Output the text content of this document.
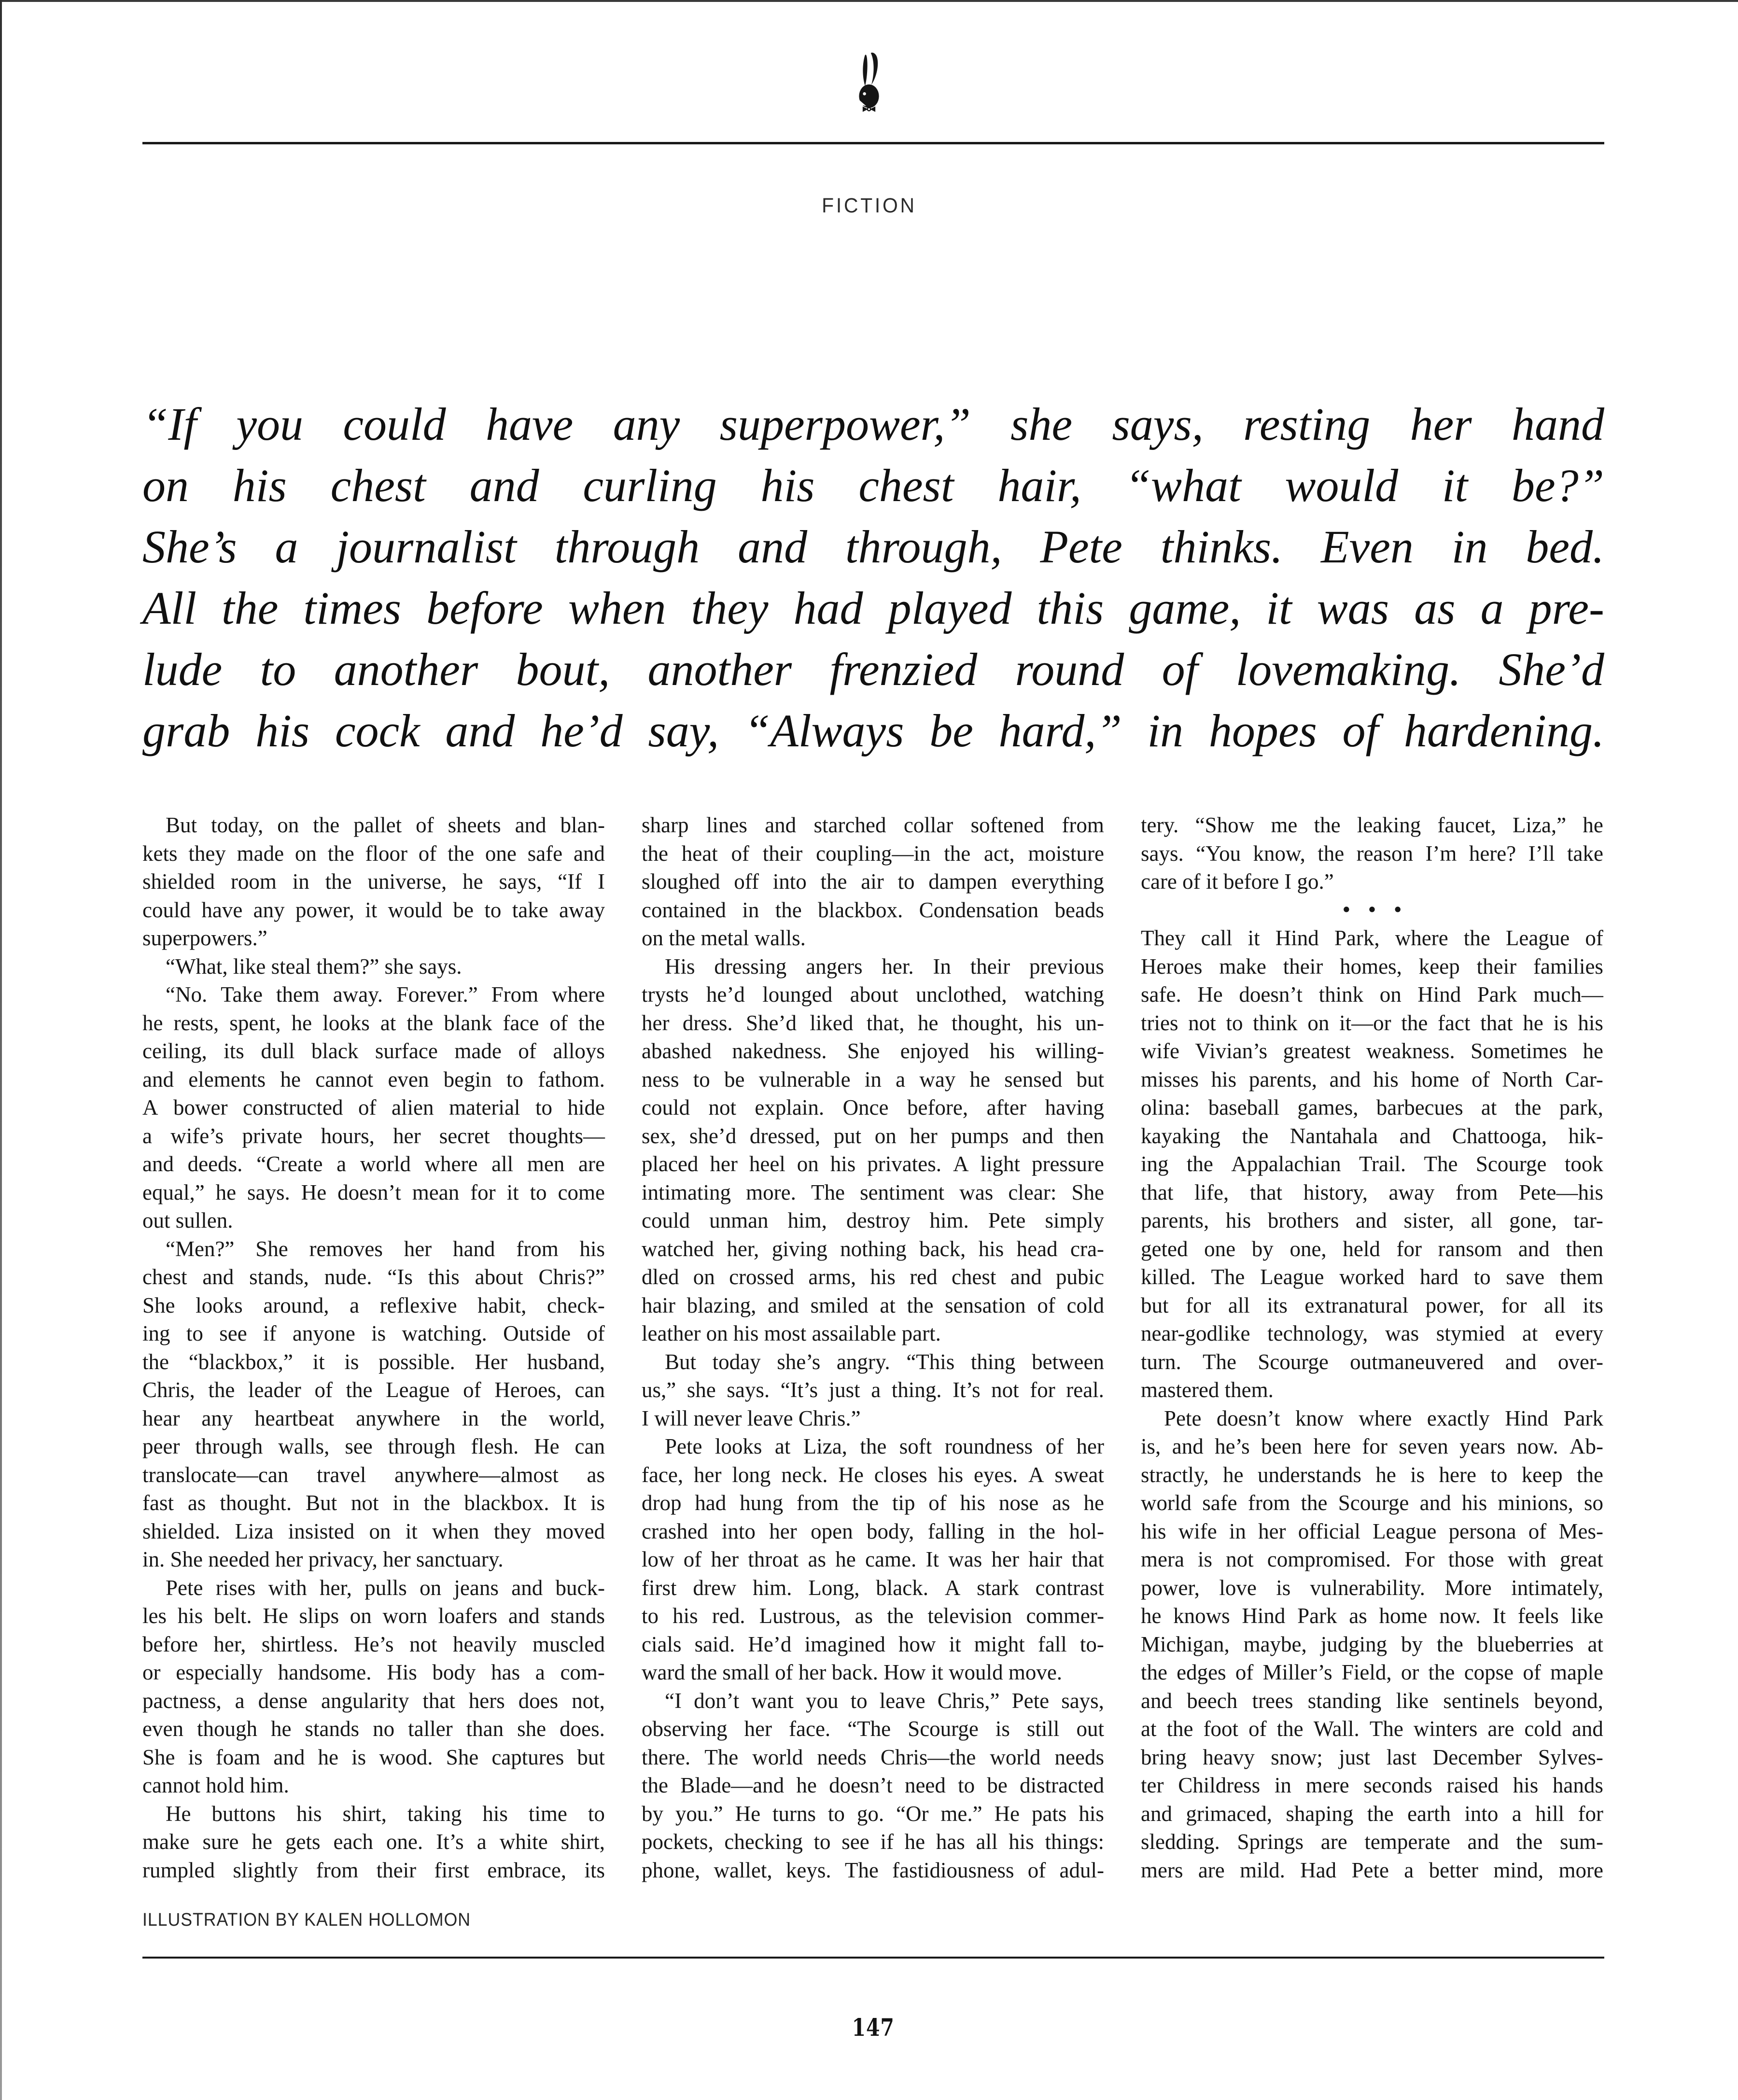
FICTION
“If you could have any superpower,” she says, resting her hand
on his chest and curling his chest hair, “what would it be?”
She’s a journalist through and through, Pete thinks. Even in bed.
All the times before when they had played this game, it was as a pre-
lude to another bout, another frenzied round of lovemaking. She’d
grab his cock and he’d say, “Always be hard,” in hopes of hardening.
But today, on the pallet of sheets and blan-
kets they made on the floor of the one safe and
shielded room in the universe, he says, “If I
could have any power, it would be to take away
superpowers.”
“What, like steal them?” she says.
“No. Take them away. Forever.” From where
he rests, spent, he looks at the blank face of the
ceiling, its dull black surface made of alloys
and elements he cannot even begin to fathom.
A bower constructed of alien material to hide
a wife’s private hours, her secret thoughts—
and deeds. “Create a world where all men are
equal,” he says. He doesn’t mean for it to come
out sullen.
“Men?” She removes her hand from his
chest and stands, nude. “Is this about Chris?”
She looks around, a reflexive habit, check-
ing to see if anyone is watching. Outside of
the “blackbox,” it is possible. Her husband,
Chris, the leader of the League of Heroes, can
hear any heartbeat anywhere in the world,
peer through walls, see through flesh. He can
translocate—can travel anywhere—almost as
fast as thought. But not in the blackbox. It is
shielded. Liza insisted on it when they moved
in. She needed her privacy, her sanctuary.
Pete rises with her, pulls on jeans and buck-
les his belt. He slips on worn loafers and stands
before her, shirtless. He’s not heavily muscled
or especially handsome. His body has a com-
pactness, a dense angularity that hers does not,
even though he stands no taller than she does.
She is foam and he is wood. She captures but
cannot hold him.
He buttons his shirt, taking his time to
make sure he gets each one. It’s a white shirt,
rumpled slightly from their first embrace, its
sharp lines and starched collar softened from
the heat of their coupling—in the act, moisture
sloughed off into the air to dampen everything
contained in the blackbox. Condensation beads
on the metal walls.
His dressing angers her. In their previous
trysts he’d lounged about unclothed, watching
her dress. She’d liked that, he thought, his un-
abashed nakedness. She enjoyed his willing-
ness to be vulnerable in a way he sensed but
could not explain. Once before, after having
sex, she’d dressed, put on her pumps and then
placed her heel on his privates. A light pressure
intimating more. The sentiment was clear: She
could unman him, destroy him. Pete simply
watched her, giving nothing back, his head cra-
dled on crossed arms, his red chest and pubic
hair blazing, and smiled at the sensation of cold
leather on his most assailable part.
But today she’s angry. “This thing between
us,” she says. “It’s just a thing. It’s not for real.
I will never leave Chris.”
Pete looks at Liza, the soft roundness of her
face, her long neck. He closes his eyes. A sweat
drop had hung from the tip of his nose as he
crashed into her open body, falling in the hol-
low of her throat as he came. It was her hair that
first drew him. Long, black. A stark contrast
to his red. Lustrous, as the television commer-
cials said. He’d imagined how it might fall to-
ward the small of her back. How it would move.
“I don’t want you to leave Chris,” Pete says,
observing her face. “The Scourge is still out
there. The world needs Chris—the world needs
the Blade—and he doesn’t need to be distracted
by you.” He turns to go. “Or me.” He pats his
pockets, checking to see if he has all his things:
phone, wallet, keys. The fastidiousness of adul-
tery. “Show me the leaking faucet, Liza,” he
says. “You know, the reason I’m here? I’ll take
care of it before I go.”
• • •
They call it Hind Park, where the League of
Heroes make their homes, keep their families
safe. He doesn’t think on Hind Park much—
tries not to think on it—or the fact that he is his
wife Vivian’s greatest weakness. Sometimes he
misses his parents, and his home of North Car-
olina: baseball games, barbecues at the park,
kayaking the Nantahala and Chattooga, hik-
ing the Appalachian Trail. The Scourge took
that life, that history, away from Pete—his
parents, his brothers and sister, all gone, tar-
geted one by one, held for ransom and then
killed. The League worked hard to save them
but for all its extranatural power, for all its
near-godlike technology, was stymied at every
turn. The Scourge outmaneuvered and over-
mastered them.
Pete doesn’t know where exactly Hind Park
is, and he’s been here for seven years now. Ab-
stractly, he understands he is here to keep the
world safe from the Scourge and his minions, so
his wife in her official League persona of Mes-
mera is not compromised. For those with great
power, love is vulnerability. More intimately,
he knows Hind Park as home now. It feels like
Michigan, maybe, judging by the blueberries at
the edges of Miller’s Field, or the copse of maple
and beech trees standing like sentinels beyond,
at the foot of the Wall. The winters are cold and
bring heavy snow; just last December Sylves-
ter Childress in mere seconds raised his hands
and grimaced, shaping the earth into a hill for
sledding. Springs are temperate and the sum-
mers are mild. Had Pete a better mind, more
ILLUSTRATION BY KALEN HOLLOMON
147
